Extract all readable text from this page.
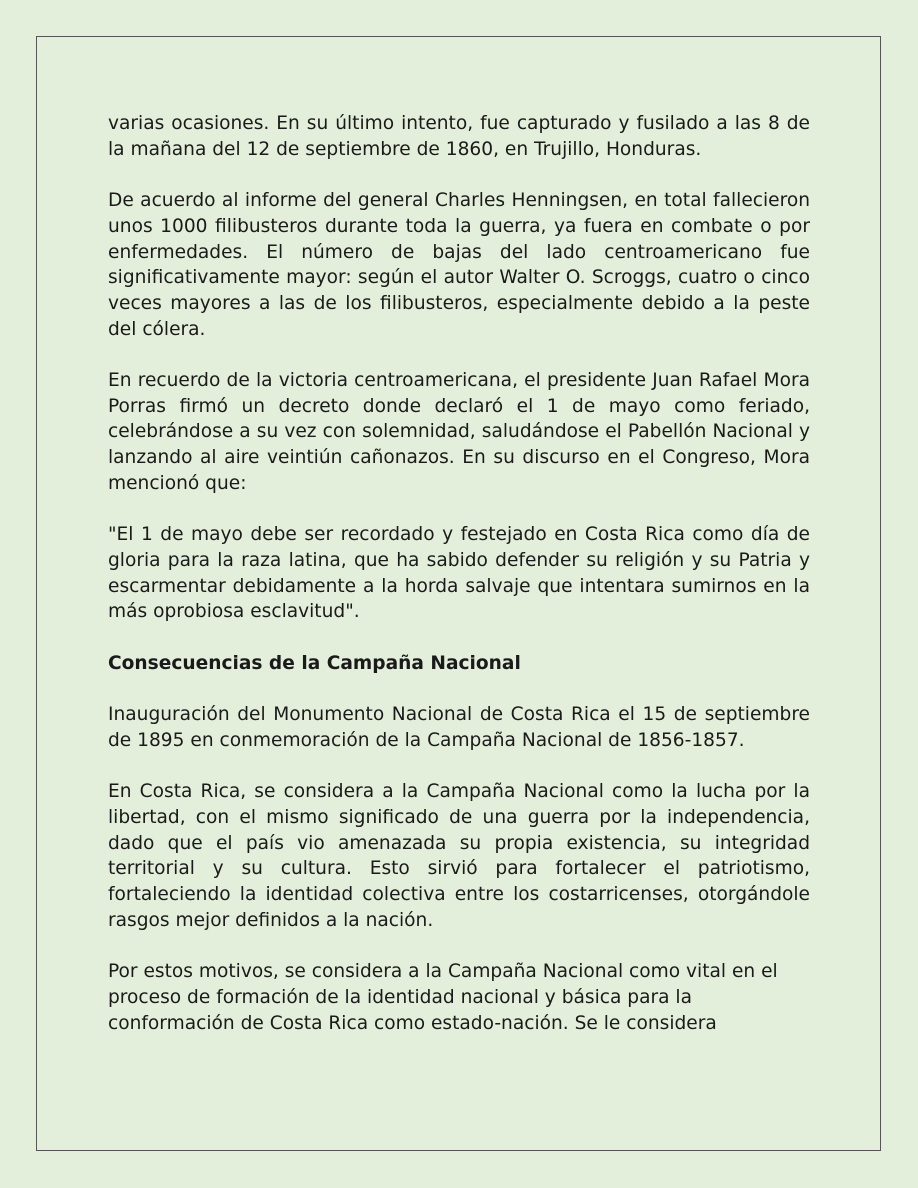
varias ocasiones. En su último intento, fue capturado y fusilado a las 8 de la mañana del 12 de septiembre de 1860, en Trujillo, Honduras.

De acuerdo al informe del general Charles Henningsen, en total fallecieron unos 1000 filibusteros durante toda la guerra, ya fuera en combate o por enfermedades. El número de bajas del lado centroamericano fue significativamente mayor: según el autor Walter O. Scroggs, cuatro o cinco veces mayores a las de los filibusteros, especialmente debido a la peste del cólera.

En recuerdo de la victoria centroamericana, el presidente Juan Rafael Mora Porras firmó un decreto donde declaró el 1 de mayo como feriado, celebrándose a su vez con solemnidad, saludándose el Pabellón Nacional y lanzando al aire veintiún cañonazos. En su discurso en el Congreso, Mora mencionó que:

"El 1 de mayo debe ser recordado y festejado en Costa Rica como día de gloria para la raza latina, que ha sabido defender su religión y su Patria y escarmentar debidamente a la horda salvaje que intentara sumirnos en la más oprobiosa esclavitud".

Consecuencias de la Campaña Nacional

Inauguración del Monumento Nacional de Costa Rica el 15 de septiembre de 1895 en conmemoración de la Campaña Nacional de 1856-1857.

En Costa Rica, se considera a la Campaña Nacional como la lucha por la libertad, con el mismo significado de una guerra por la independencia, dado que el país vio amenazada su propia existencia, su integridad territorial y su cultura. Esto sirvió para fortalecer el patriotismo, fortaleciendo la identidad colectiva entre los costarricenses, otorgándole rasgos mejor definidos a la nación.

Por estos motivos, se considera a la Campaña Nacional como vital en el proceso de formación de la identidad nacional y básica para la conformación de Costa Rica como estado-nación. Se le considera
